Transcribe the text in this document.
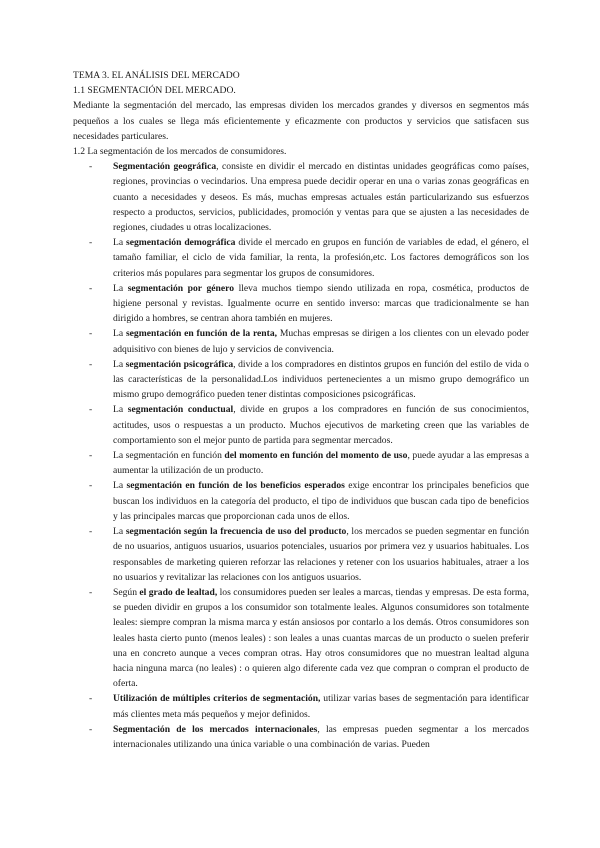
TEMA 3. EL ANÁLISIS DEL MERCADO

1.1 SEGMENTACIÓN DEL MERCADO.

Mediante la segmentación del mercado, las empresas dividen los mercados grandes y diversos en segmentos más pequeños a los cuales se llega más eficientemente y eficazmente con productos y servicios que satisfacen sus necesidades particulares.

1.2 La segmentación de los mercados de consumidores.

- Segmentación geográfica, consiste en dividir el mercado en distintas unidades geográficas como países, regiones, provincias o vecindarios. Una empresa puede decidir operar en una o varias zonas geográficas en cuanto a necesidades y deseos. Es más, muchas empresas actuales están particularizando sus esfuerzos respecto a productos, servicios, publicidades, promoción y ventas para que se ajusten a las necesidades de regiones, ciudades u otras localizaciones.
- La segmentación demográfica divide el mercado en grupos en función de variables de edad, el género, el tamaño familiar, el ciclo de vida familiar, la renta, la profesión,etc. Los factores demográficos son los criterios más populares para segmentar los grupos de consumidores.
- La segmentación por género lleva muchos tiempo siendo utilizada en ropa, cosmética, productos de higiene personal y revistas. Igualmente ocurre en sentido inverso: marcas que tradicionalmente se han dirigido a hombres, se centran ahora también en mujeres.
- La segmentación en función de la renta, Muchas empresas se dirigen a los clientes con un elevado poder adquisitivo con bienes de lujo y servicios de convivencia.
- La segmentación psicográfica, divide a los compradores en distintos grupos en función del estilo de vida o las características de la personalidad.Los individuos pertenecientes a un mismo grupo demográfico un mismo grupo demográfico pueden tener distintas composiciones psicográficas.
- La segmentación conductual, divide en grupos a los compradores en función de sus conocimientos, actitudes, usos o respuestas a un producto. Muchos ejecutivos de marketing creen que las variables de comportamiento son el mejor punto de partida para segmentar mercados.
- La segmentación en función del momento en función del momento de uso, puede ayudar a las empresas a aumentar la utilización de un producto.
- La segmentación en función de los beneficios esperados exige encontrar los principales beneficios que buscan los individuos en la categoría del producto, el tipo de individuos que buscan cada tipo de beneficios y las principales marcas que proporcionan cada unos de ellos.
- La segmentación según la frecuencia de uso del producto, los mercados se pueden segmentar en función de no usuarios, antiguos usuarios, usuarios potenciales, usuarios por primera vez y usuarios habituales. Los responsables de marketing quieren reforzar las relaciones y retener con los usuarios habituales, atraer a los no usuarios y revitalizar las relaciones con los antiguos usuarios.
- Según el grado de lealtad, los consumidores pueden ser leales a marcas, tiendas y empresas. De esta forma, se pueden dividir en grupos a los consumidor son totalmente leales. Algunos consumidores son totalmente leales: siempre compran la misma marca y están ansiosos por contarlo a los demás. Otros consumidores son leales hasta cierto punto (menos leales) : son leales a unas cuantas marcas de un producto o suelen preferir una en concreto aunque a veces compran otras. Hay otros consumidores que no muestran lealtad alguna hacia ninguna marca (no leales) : o quieren algo diferente cada vez que compran o compran el producto de oferta.
- Utilización de múltiples criterios de segmentación, utilizar varias bases de segmentación para identificar más clientes meta más pequeños y mejor definidos.
- Segmentación de los mercados internacionales, las empresas pueden segmentar a los mercados internacionales utilizando una única variable o una combinación de varias. Pueden
